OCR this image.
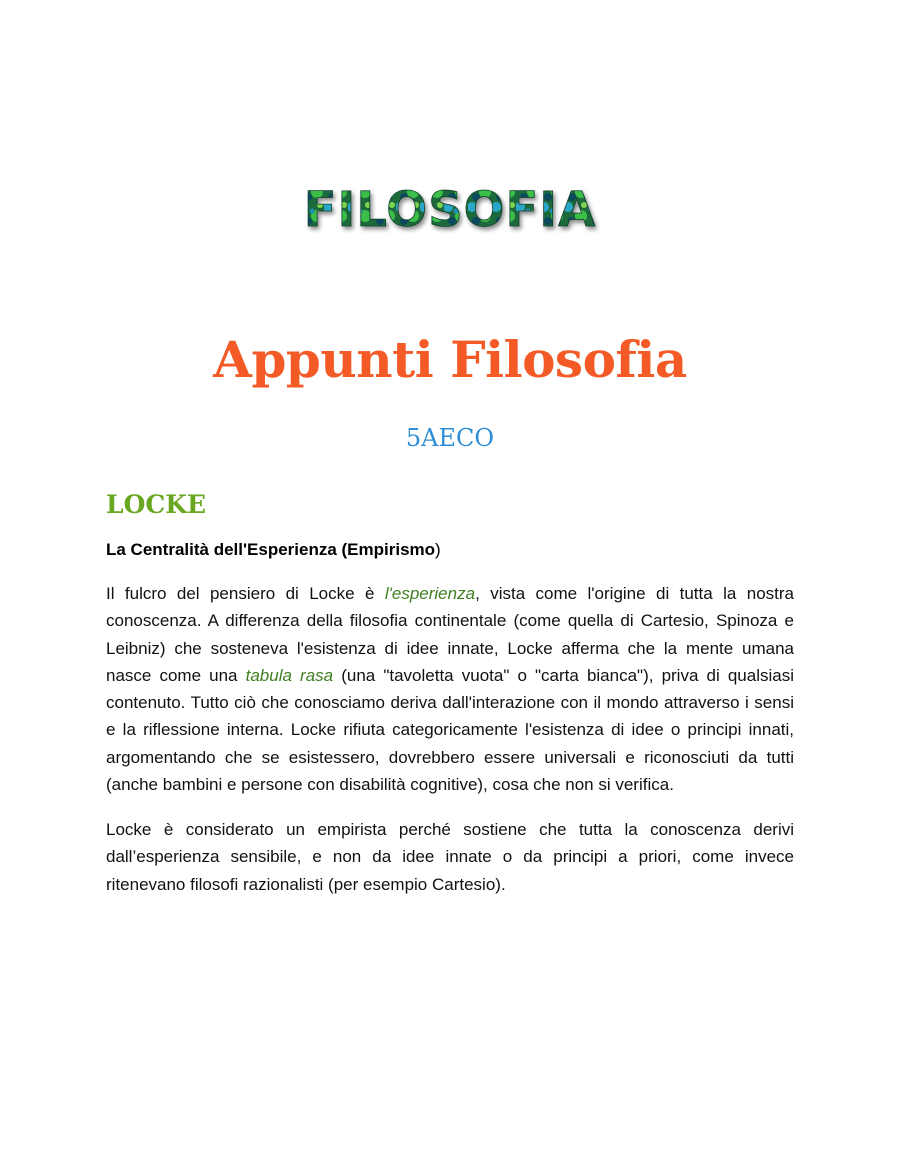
FILOSOFIA
Appunti Filosofia
5AECO
LOCKE
La Centralità dell'Esperienza (Empirismo)

Il fulcro del pensiero di Locke è l'esperienza, vista come l'origine di tutta la nostra conoscenza. A differenza della filosofia continentale (come quella di Cartesio, Spinoza e Leibniz) che sosteneva l'esistenza di idee innate, Locke afferma che la mente umana nasce come una tabula rasa (una "tavoletta vuota" o "carta bianca"), priva di qualsiasi contenuto. Tutto ciò che conosciamo deriva dall'interazione con il mondo attraverso i sensi e la riflessione interna. Locke rifiuta categoricamente l'esistenza di idee o principi innati, argomentando che se esistessero, dovrebbero essere universali e riconosciuti da tutti (anche bambini e persone con disabilità cognitive), cosa che non si verifica.

Locke è considerato un empirista perché sostiene che tutta la conoscenza derivi dall’esperienza sensibile, e non da idee innate o da principi a priori, come invece ritenevano filosofi razionalisti (per esempio Cartesio).
